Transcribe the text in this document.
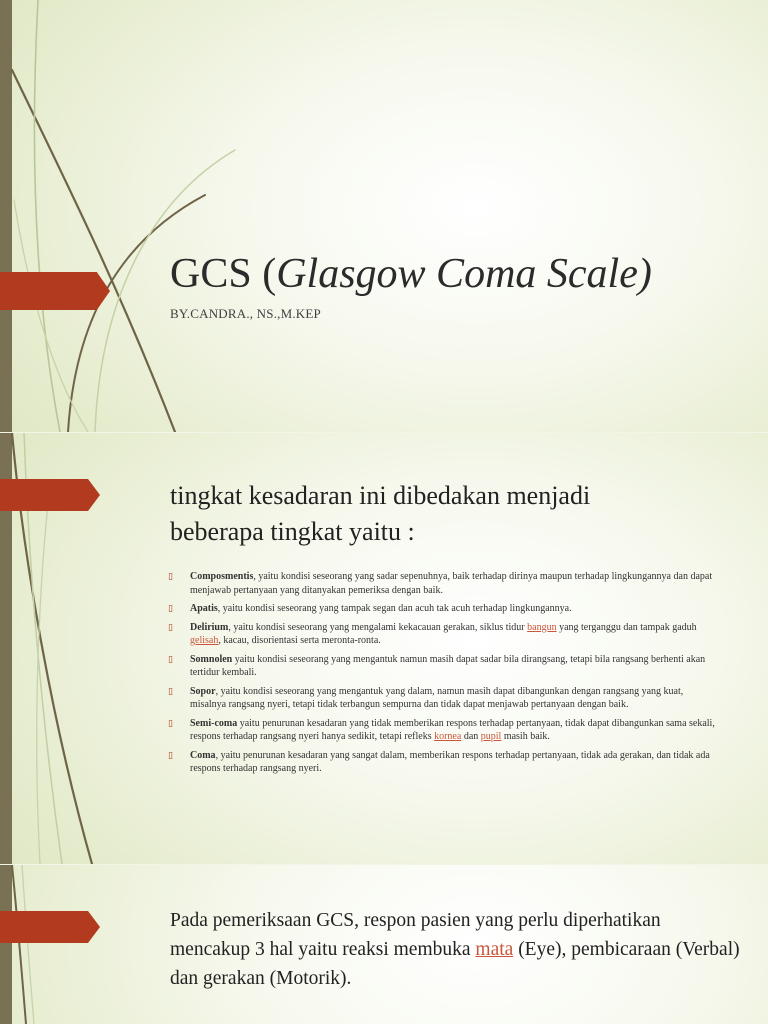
GCS (Glasgow Coma Scale)
BY.CANDRA., NS.,M.KEP
tingkat kesadaran ini dibedakan menjadi beberapa tingkat yaitu :
▯ Composmentis, yaitu kondisi seseorang yang sadar sepenuhnya, baik terhadap dirinya maupun terhadap lingkungannya dan dapat menjawab pertanyaan yang ditanyakan pemeriksa dengan baik.
▯ Apatis, yaitu kondisi seseorang yang tampak segan dan acuh tak acuh terhadap lingkungannya.
▯ Delirium, yaitu kondisi seseorang yang mengalami kekacauan gerakan, siklus tidur bangun yang terganggu dan tampak gaduh gelisah, kacau, disorientasi serta meronta-ronta.
▯ Somnolen yaitu kondisi seseorang yang mengantuk namun masih dapat sadar bila dirangsang, tetapi bila rangsang berhenti akan tertidur kembali.
▯ Sopor, yaitu kondisi seseorang yang mengantuk yang dalam, namun masih dapat dibangunkan dengan rangsang yang kuat, misalnya rangsang nyeri, tetapi tidak terbangun sempurna dan tidak dapat menjawab pertanyaan dengan baik.
▯ Semi-coma yaitu penurunan kesadaran yang tidak memberikan respons terhadap pertanyaan, tidak dapat dibangunkan sama sekali, respons terhadap rangsang nyeri hanya sedikit, tetapi refleks kornea dan pupil masih baik.
▯ Coma, yaitu penurunan kesadaran yang sangat dalam, memberikan respons terhadap pertanyaan, tidak ada gerakan, dan tidak ada respons terhadap rangsang nyeri.

Pada pemeriksaan GCS, respon pasien yang perlu diperhatikan mencakup 3 hal yaitu reaksi membuka mata (Eye), pembicaraan (Verbal) dan gerakan (Motorik).
